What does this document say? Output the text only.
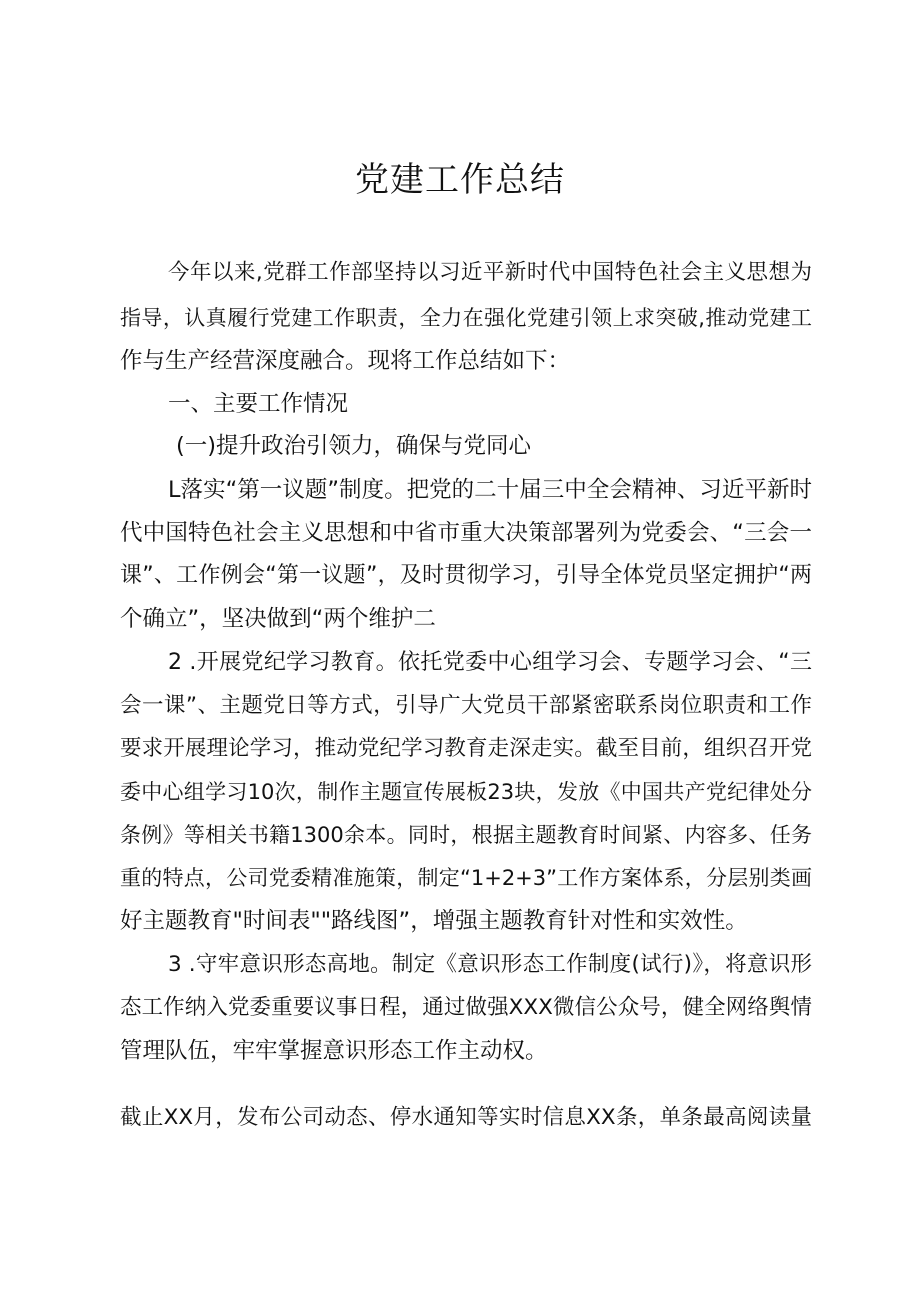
党建工作总结

今年以来,党群工作部坚持以习近平新时代中国特色社会主义思想为

指导，认真履行党建工作职责，全力在强化党建引领上求突破,推动党建工

作与生产经营深度融合。现将工作总结如下：

一、主要工作情况

(一)提升政治引领力，确保与党同心

L落实“第一议题”制度。把党的二十届三中全会精神、习近平新时

代中国特色社会主义思想和中省市重大决策部署列为党委会、“三会一

课”、工作例会“第一议题”，及时贯彻学习，引导全体党员坚定拥护“两

个确立”，坚决做到“两个维护二

2 .开展党纪学习教育。依托党委中心组学习会、专题学习会、“三

会一课”、主题党日等方式，引导广大党员干部紧密联系岗位职责和工作

要求开展理论学习，推动党纪学习教育走深走实。截至目前，组织召开党

委中心组学习10次，制作主题宣传展板23块，发放《中国共产党纪律处分

条例》等相关书籍1300余本。同时，根据主题教育时间紧、内容多、任务

重的特点，公司党委精准施策，制定“1+2+3”工作方案体系，分层别类画

好主题教育"时间表""路线图”，增强主题教育针对性和实效性。

3 .守牢意识形态高地。制定《意识形态工作制度(试行)》，将意识形

态工作纳入党委重要议事日程，通过做强XXX微信公众号，健全网络舆情

管理队伍，牢牢掌握意识形态工作主动权。

截止XX月，发布公司动态、停水通知等实时信息XX条，单条最高阅读量
